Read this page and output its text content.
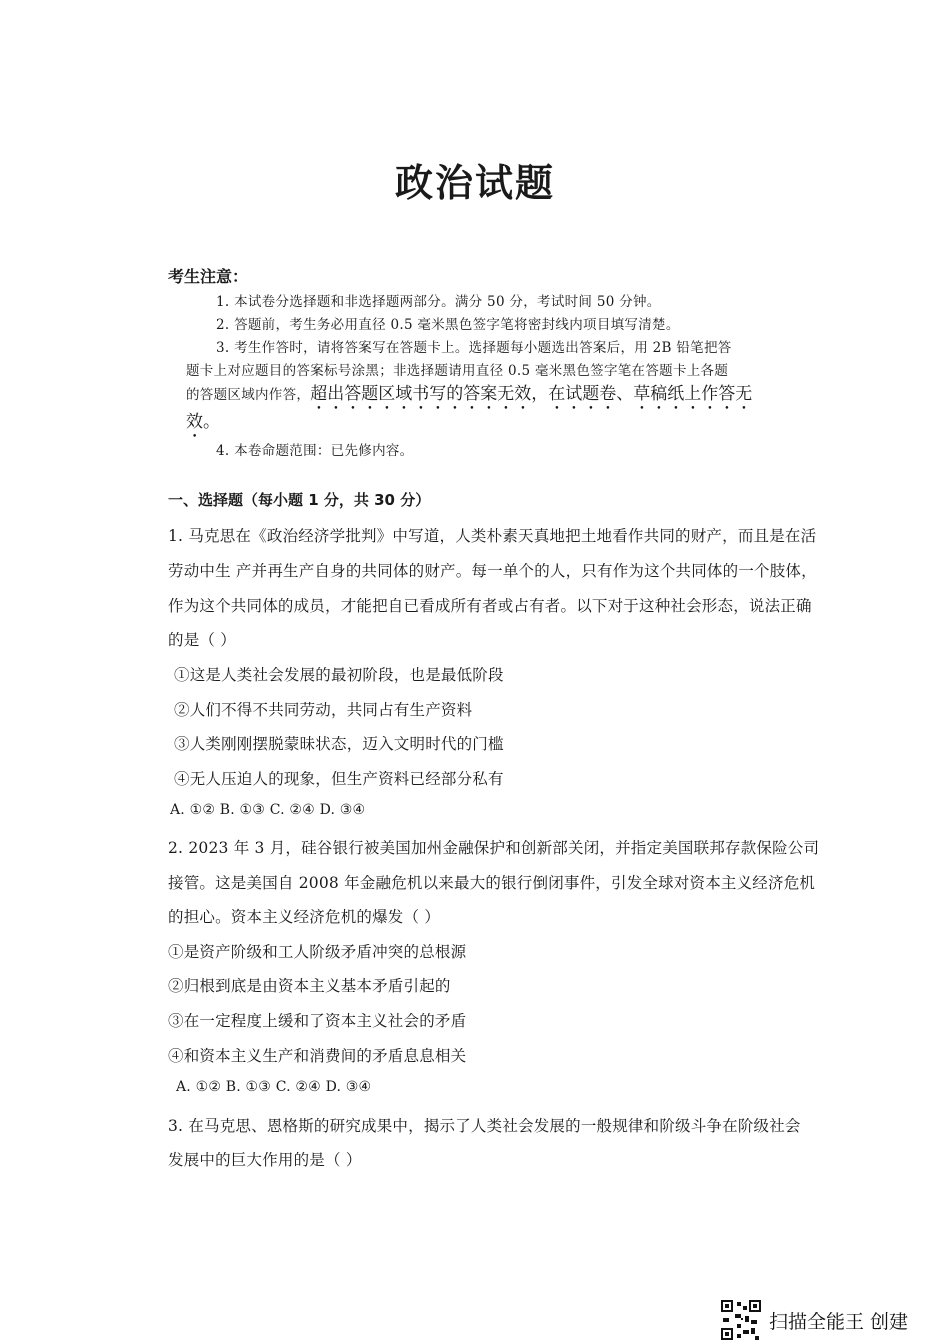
政治试题
考生注意：
1. 本试卷分选择题和非选择题两部分。满分 50 分，考试时间 50 分钟。
2. 答题前，考生务必用直径 0.5 毫米黑色签字笔将密封线内项目填写清楚。
3. 考生作答时，请将答案写在答题卡上。选择题每小题选出答案后，用 2B 铅笔把答
题卡上对应题目的答案标号涂黑；非选择题请用直径 0.5 毫米黑色签字笔在答题卡上各题
的答题区域内作答，超出答题区域书写的答案无效，在试题卷、草稿纸上作答无
效。
4. 本卷命题范围：已先修内容。
一、选择题（每小题 1 分，共 30 分）
1. 马克思在《政治经济学批判》中写道，人类朴素天真地把土地看作共同的财产，而且是在活
劳动中生 产并再生产自身的共同体的财产。每一单个的人，只有作为这个共同体的一个肢体，
作为这个共同体的成员，才能把自已看成所有者或占有者。以下对于这种社会形态，说法正确
的是（ ）
①这是人类社会发展的最初阶段，也是最低阶段
②人们不得不共同劳动，共同占有生产资料
③人类刚刚摆脱蒙昧状态，迈入文明时代的门槛
④无人压迫人的现象，但生产资料已经部分私有
A. ①② B. ①③ C. ②④ D. ③④
2. 2023 年 3 月，硅谷银行被美国加州金融保护和创新部关闭，并指定美国联邦存款保险公司
接管。这是美国自 2008 年金融危机以来最大的银行倒闭事件，引发全球对资本主义经济危机
的担心。资本主义经济危机的爆发（ ）
①是资产阶级和工人阶级矛盾冲突的总根源
②归根到底是由资本主义基本矛盾引起的
③在一定程度上缓和了资本主义社会的矛盾
④和资本主义生产和消费间的矛盾息息相关
A. ①② B. ①③ C. ②④ D. ③④
3. 在马克思、恩格斯的研究成果中，揭示了人类社会发展的一般规律和阶级斗争在阶级社会
发展中的巨大作用的是（ ）
扫描全能王 创建
